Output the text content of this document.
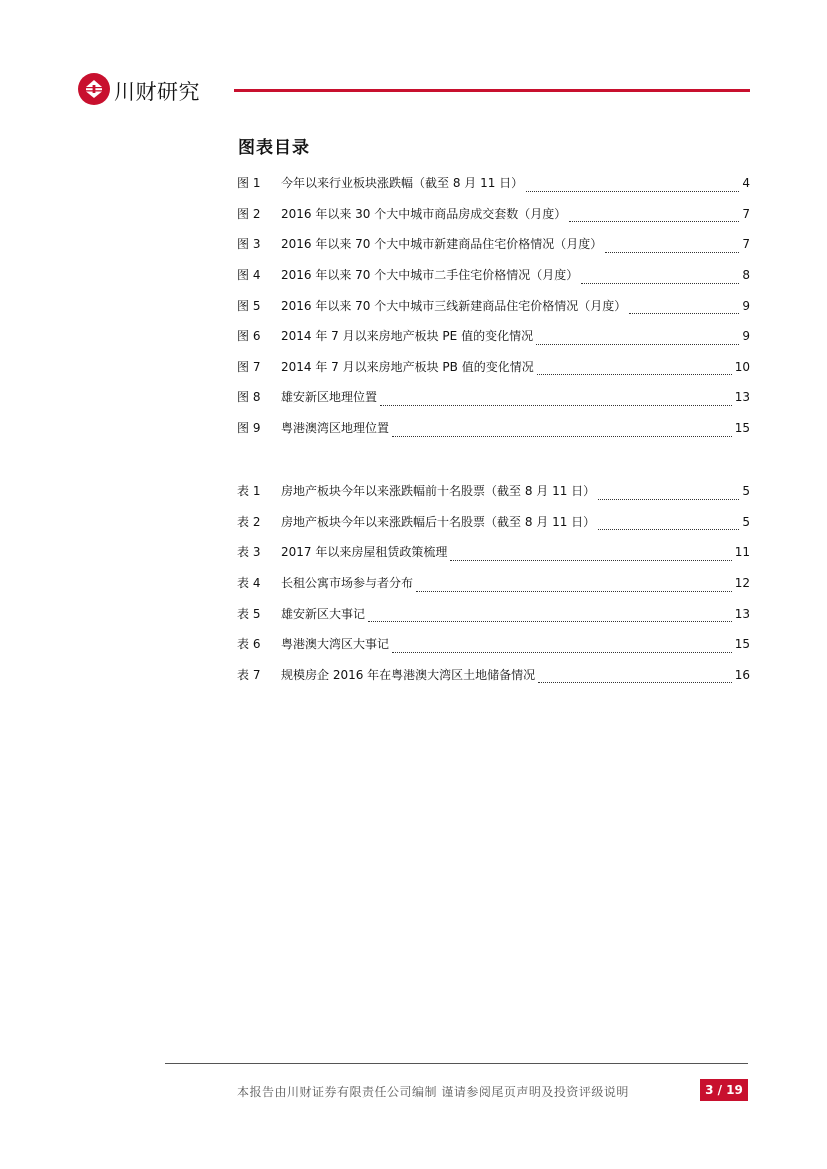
川财研究
图表目录
图 1	今年以来行业板块涨跌幅（截至 8 月 11 日）	4
图 2	2016 年以来 30 个大中城市商品房成交套数（月度）	7
图 3	2016 年以来 70 个大中城市新建商品住宅价格情况（月度）	7
图 4	2016 年以来 70 个大中城市二手住宅价格情况（月度）	8
图 5	2016 年以来 70 个大中城市三线新建商品住宅价格情况（月度）	9
图 6	2014 年 7 月以来房地产板块 PE 值的变化情况	9
图 7	2014 年 7 月以来房地产板块 PB 值的变化情况	10
图 8	雄安新区地理位置	13
图 9	粤港澳湾区地理位置	15
表 1	房地产板块今年以来涨跌幅前十名股票（截至 8 月 11 日）	5
表 2	房地产板块今年以来涨跌幅后十名股票（截至 8 月 11 日）	5
表 3	2017 年以来房屋租赁政策梳理	11
表 4	长租公寓市场参与者分布	12
表 5	雄安新区大事记	13
表 6	粤港澳大湾区大事记	15
表 7	规模房企 2016 年在粤港澳大湾区土地储备情况	16
本报告由川财证券有限责任公司编制 谨请参阅尾页声明及投资评级说明	3 / 19
